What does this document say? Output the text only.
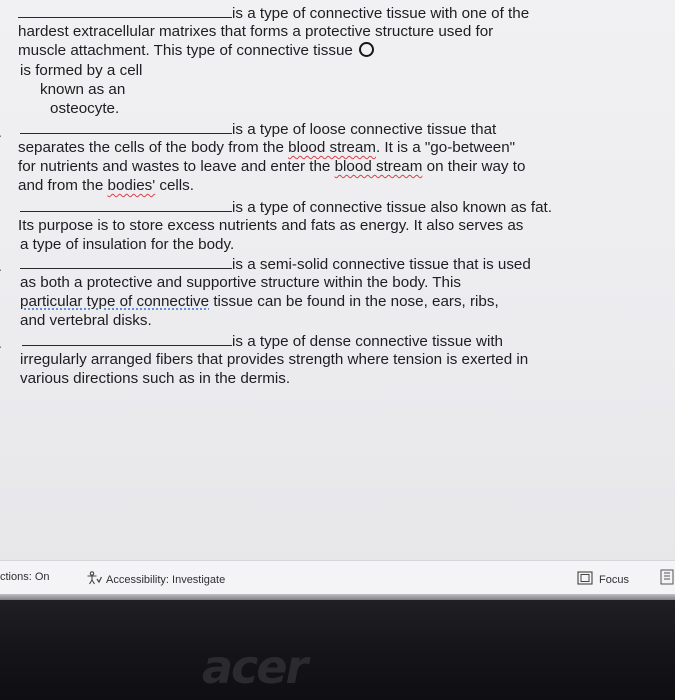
is a type of connective tissue with one of the

hardest extracellular matrixes that forms a protective structure used for

muscle attachment. This type of connective tissue

is formed by a cell

known as an

osteocyte.

is a type of loose connective tissue that

separates the cells of the body from the blood stream. It is a "go-between"

for nutrients and wastes to leave and enter the blood stream on their way to

and from the bodies' cells.

is a type of connective tissue also known as fat.

Its purpose is to store excess nutrients and fats as energy. It also serves as

a type of insulation for the body.

is a semi-solid connective tissue that is used

as both a protective and supportive structure within the body. This

particular type of connective tissue can be found in the nose, ears, ribs,

and vertebral disks.

is a type of dense connective tissue with

irregularly arranged fibers that provides strength where tension is exerted in

various directions such as in the dermis.

ctions: On	Accessibility: Investigate	Focus
acer
